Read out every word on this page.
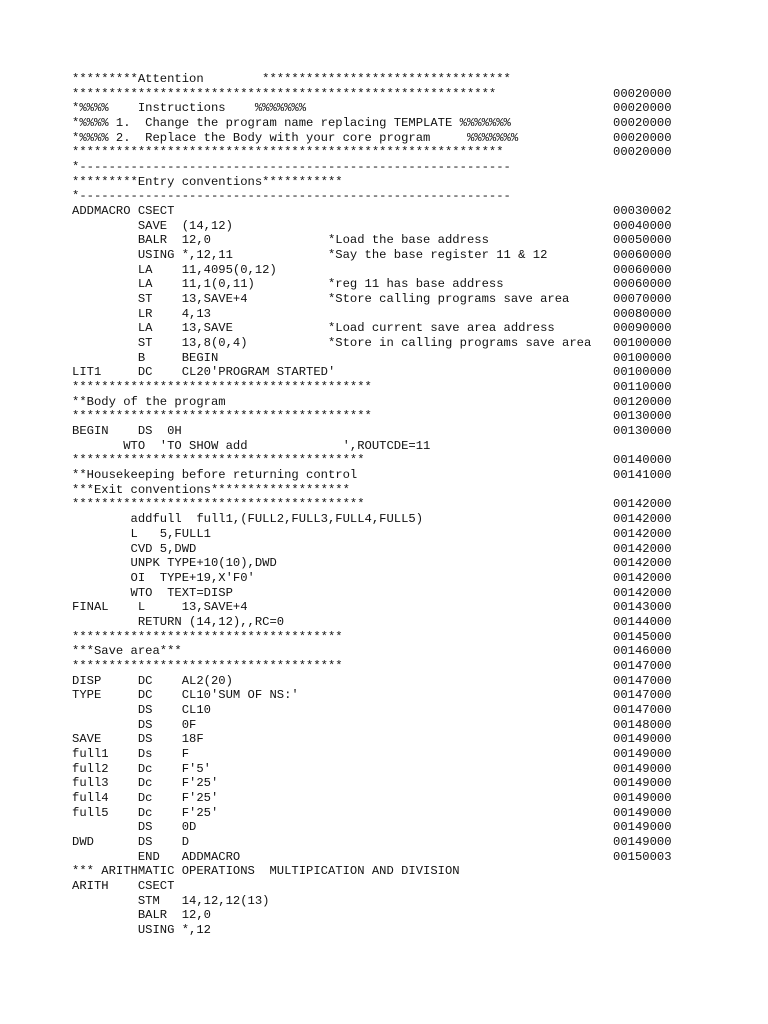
*********Attention        **********************************
**********************************************************	00020000
*%%%%    Instructions    %%%%%%%	00020000
*%%%% 1.  Change the program name replacing TEMPLATE %%%%%%%	00020000
*%%%% 2.  Replace the Body with your core program     %%%%%%%	00020000
***********************************************************	00020000
*-----------------------------------------------------------
*********Entry conventions***********
*-----------------------------------------------------------
ADDMACRO CSECT	00030002
SAVE  (14,12)	00040000
BALR  12,0                *Load the base address	00050000
USING *,12,11             *Say the base register 11 & 12	00060000
LA    11,4095(0,12)	00060000
LA    11,1(0,11)          *reg 11 has base address	00060000
ST    13,SAVE+4           *Store calling programs save area	00070000
LR    4,13	00080000
LA    13,SAVE             *Load current save area address	00090000
ST    13,8(0,4)           *Store in calling programs save area 00100000
B     BEGIN	00100000
LIT1     DC    CL20'PROGRAM STARTED'	00100000
*****************************************	00110000
**Body of the program	00120000
*****************************************	00130000
BEGIN    DS  0H	00130000
WTO  'TO SHOW add             ',ROUTCDE=11
****************************************	00140000
**Housekeeping before returning control	00141000
***Exit conventions*******************
****************************************	00142000
addfull  full1,(FULL2,FULL3,FULL4,FULL5)	00142000
L   5,FULL1	00142000
CVD 5,DWD	00142000
UNPK TYPE+10(10),DWD	00142000
OI  TYPE+19,X'F0'	00142000
WTO  TEXT=DISP	00142000
FINAL    L     13,SAVE+4	00143000
RETURN (14,12),,RC=0	00144000
*************************************	00145000
***Save area***	00146000
*************************************	00147000
DISP     DC    AL2(20)	00147000
TYPE     DC    CL10'SUM OF NS:'	00147000
DS    CL10	00147000
DS    0F	00148000
SAVE     DS    18F	00149000
full1    Ds    F	00149000
full2    Dc    F'5'	00149000
full3    Dc    F'25'	00149000
full4    Dc    F'25'	00149000
full5    Dc    F'25'	00149000
DS    0D	00149000
DWD      DS    D	00149000
END   ADDMACRO	00150003
*** ARITHMATIC OPERATIONS  MULTIPICATION AND DIVISION
ARITH    CSECT
STM   14,12,12(13)
BALR  12,0
USING *,12
